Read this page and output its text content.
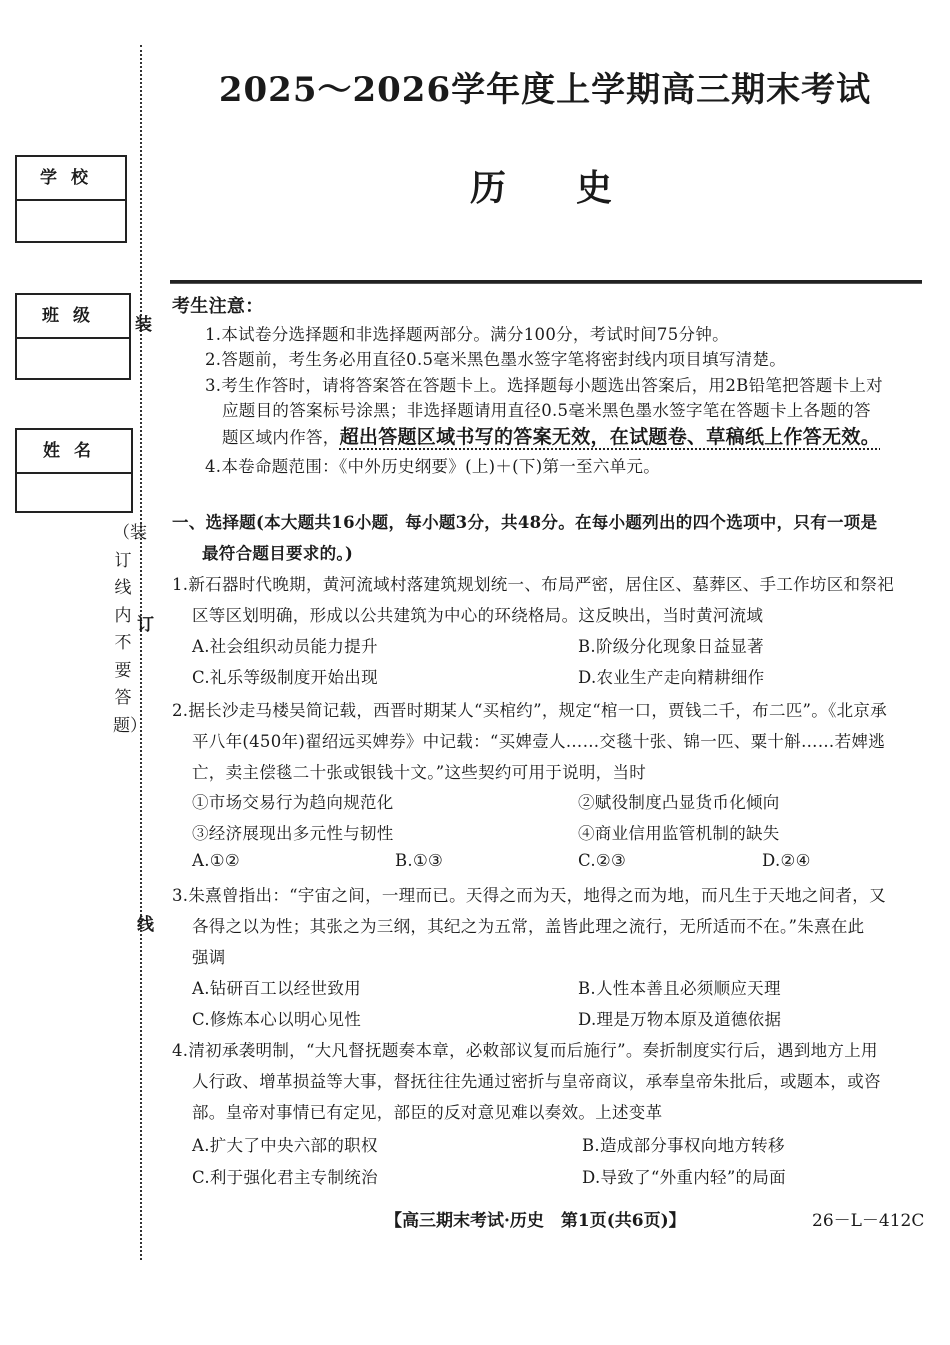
学校
班级
姓名
装
订
线
（装订线内不要答题）
2025～2026学年度上学期高三期末考试
历史
考生注意：
1.本试卷分选择题和非选择题两部分。满分100分，考试时间75分钟。
2.答题前，考生务必用直径0.5毫米黑色墨水签字笔将密封线内项目填写清楚。
3.考生作答时，请将答案答在答题卡上。选择题每小题选出答案后，用2B铅笔把答题卡上对
应题目的答案标号涂黑；非选择题请用直径0.5毫米黑色墨水签字笔在答题卡上各题的答
题区域内作答，超出答题区域书写的答案无效，在试题卷、草稿纸上作答无效。
4.本卷命题范围：《中外历史纲要》(上)＋(下)第一至六单元。
一、选择题(本大题共16小题，每小题3分，共48分。在每小题列出的四个选项中，只有一项是
最符合题目要求的。)
1.新石器时代晚期，黄河流域村落建筑规划统一、布局严密，居住区、墓葬区、手工作坊区和祭祀
区等区划明确，形成以公共建筑为中心的环绕格局。这反映出，当时黄河流域
A.社会组织动员能力提升	B.阶级分化现象日益显著
C.礼乐等级制度开始出现	D.农业生产走向精耕细作
2.据长沙走马楼吴简记载，西晋时期某人“买棺约”，规定“棺一口，贾钱二千，布二匹”。《北京承
平八年(450年)翟绍远买婢券》中记载：“买婢壹人……交毯十张、锦一匹、粟十斛……若婢逃
亡，卖主偿毯二十张或银钱十文。”这些契约可用于说明，当时
①市场交易行为趋向规范化	②赋役制度凸显货币化倾向
③经济展现出多元性与韧性	④商业信用监管机制的缺失
A.①②	B.①③	C.②③	D.②④
3.朱熹曾指出：“宇宙之间，一理而已。天得之而为天，地得之而为地，而凡生于天地之间者，又
各得之以为性；其张之为三纲，其纪之为五常，盖皆此理之流行，无所适而不在。”朱熹在此
强调
A.钻研百工以经世致用	B.人性本善且必须顺应天理
C.修炼本心以明心见性	D.理是万物本原及道德依据
4.清初承袭明制，“大凡督抚题奏本章，必敕部议复而后施行”。奏折制度实行后，遇到地方上用
人行政、增革损益等大事，督抚往往先通过密折与皇帝商议，承奉皇帝朱批后，或题本，或咨
部。皇帝对事情已有定见，部臣的反对意见难以奏效。上述变革
A.扩大了中央六部的职权	B.造成部分事权向地方转移
C.利于强化君主专制统治	D.导致了“外重内轻”的局面
【高三期末考试·历史　第1页(共6页)】	26－L－412C
